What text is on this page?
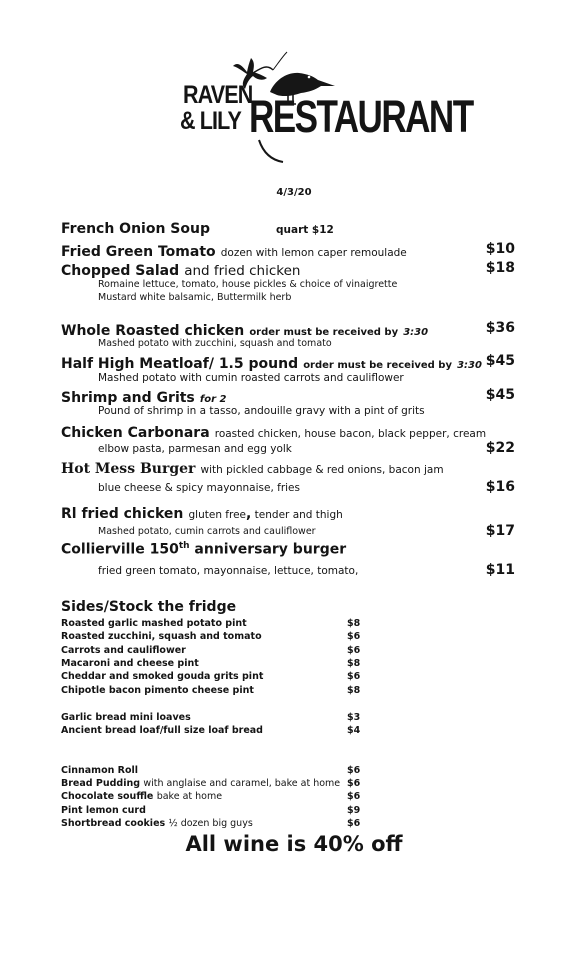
RAVEN
& LILY RESTAURANT
4/3/20
French Onion Soup	quart $12
Fried Green Tomato dozen with lemon caper remoulade	$10
Chopped Salad and fried chicken	$18
Romaine lettuce, tomato, house pickles & choice of vinaigrette
Mustard white balsamic, Buttermilk herb
Whole Roasted chicken order must be received by 3:30	$36
Mashed potato with zucchini, squash and tomato
Half High Meatloaf/ 1.5 pound order must be received by 3:30 $45
Mashed potato with cumin roasted carrots and cauliflower
Shrimp and Grits for 2	$45
Pound of shrimp in a tasso, andouille gravy with a pint of grits
Chicken Carbonara roasted chicken, house bacon, black pepper, cream
elbow pasta, parmesan and egg yolk	$22
Hot Mess Burger with pickled cabbage & red onions, bacon jam
blue cheese & spicy mayonnaise, fries	$16
Rl fried chicken gluten free, tender and thigh
Mashed potato, cumin carrots and cauliflower	$17
Collierville 150th anniversary burger
fried green tomato, mayonnaise, lettuce, tomato,	$11
Sides/Stock the fridge
Roasted garlic mashed potato pint	$8
Roasted zucchini, squash and tomato	$6
Carrots and cauliflower	$6
Macaroni and cheese pint	$8
Cheddar and smoked gouda grits pint	$6
Chipotle bacon pimento cheese pint	$8
Garlic bread mini loaves	$3
Ancient bread loaf/full size loaf bread	$4
Cinnamon Roll	$6
Bread Pudding with anglaise and caramel, bake at home $6
Chocolate souffle bake at home	$6
Pint lemon curd	$9
Shortbread cookies ½ dozen big guys	$6
All wine is 40% off
